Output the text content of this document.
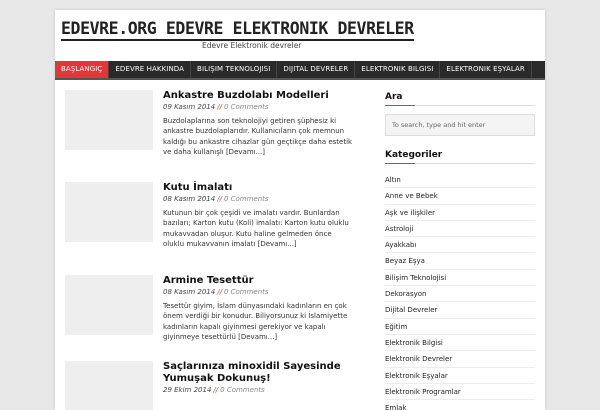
EDEVRE.ORG EDEVRE ELEKTRONIK DEVRELER
Edevre Elektronik devreler
BAŞLANGIÇ	EDEVRE HAKKINDA	BILIŞIM TEKNOLOJISI	DIJITAL DEVRELER	ELEKTRONIK BILGISI	ELEKTRONIK EŞYALAR
Ankastre Buzdolabı Modelleri
09 Kasım 2014 // 0 Comments
Buzdolaplarına son teknolojiyi getiren şüphesiz ki ankastre buzdolaplarıdır. Kullanıcıların çok memnun kaldığı bu ankastre cihazlar gün geçtikçe daha estetik ve daha kullanışlı [Devamı...]
Kutu İmalatı
08 Kasım 2014 // 0 Comments
Kutunun bir çok çeşidi ve imalatı vardır. Bunlardan bazıları; Karton kutu (Koli) imalatı: Karton kutu oluklu mukavvadan oluşur. Kutu haline gelmeden önce oluklu mukavvanın imalatı [Devamı...]
Armine Tesettür
08 Kasım 2014 // 0 Comments
Tesettür giyim, İslam dünyasındaki kadınların en çok önem verdiği bir konudur. Biliyorsunuz ki İslamiyette kadınların kapalı giyinmesi gerekiyor ve kapalı giyinmeye tesettürlü [Devamı...]
Saçlarınıza minoxidil Sayesinde Yumuşak Dokunuş!
29 Ekim 2014 // 0 Comments
Ara
To search, type and hit enter
Kategoriler
Altın
Anne ve Bebek
Aşk ve ilişkiler
Astroloji
Ayakkabı
Beyaz Eşya
Bilişim Teknolojisi
Dekorasyon
Dijital Devreler
Eğitim
Elektronik Bilgisi
Elektronik Devreler
Elektronik Eşyalar
Elektronik Programlar
Emlak
